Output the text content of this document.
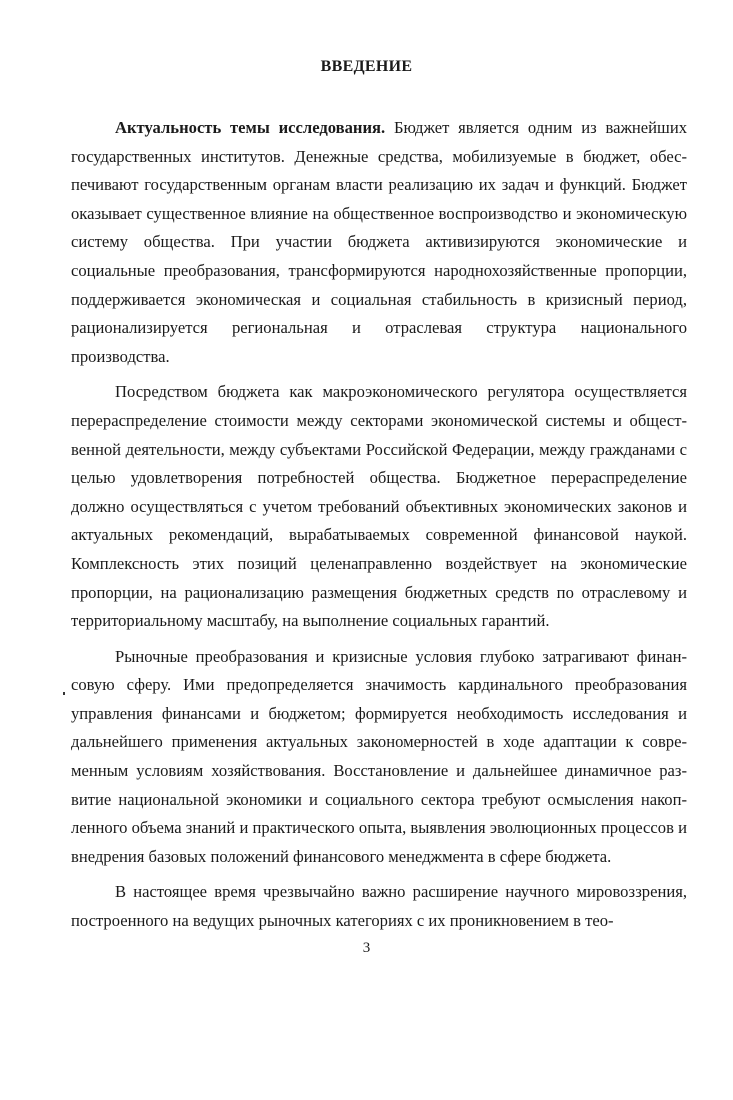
ВВЕДЕНИЕ

Актуальность темы исследования. Бюджет является одним из важнейших государственных институтов. Денежные средства, мобилизуемые в бюджет, обеспечивают государственным органам власти реализацию их задач и функций. Бюджет оказывает существенное влияние на общественное воспроизводство и экономическую систему общества. При участии бюджета активизируются экономические и социальные преобразования, трансформируются народнохозяйственные пропорции, поддерживается экономическая и социальная стабильность в кризисный период, рационализируется региональная и отраслевая структура национального производства.

Посредством бюджета как макроэкономического регулятора осуществляется перераспределение стоимости между секторами экономической системы и общественной деятельности, между субъектами Российской Федерации, между гражданами с целью удовлетворения потребностей общества. Бюджетное перераспределение должно осуществляться с учетом требований объективных экономических законов и актуальных рекомендаций, вырабатываемых современной финансовой наукой. Комплексность этих позиций целенаправленно воздействует на экономические пропорции, на рационализацию размещения бюджетных средств по отраслевому и территориальному масштабу, на выполнение социальных гарантий.

Рыночные преобразования и кризисные условия глубоко затрагивают финансовую сферу. Ими предопределяется значимость кардинального преобразования управления финансами и бюджетом; формируется необходимость исследования и дальнейшего применения актуальных закономерностей в ходе адаптации к современным условиям хозяйствования. Восстановление и дальнейшее динамичное развитие национальной экономики и социального сектора требуют осмысления накопленного объема знаний и практического опыта, выявления эволюционных процессов и внедрения базовых положений финансового менеджмента в сфере бюджета.

В настоящее время чрезвычайно важно расширение научного мировоззрения, построенного на ведущих рыночных категориях с их проникновением в тео-

3
